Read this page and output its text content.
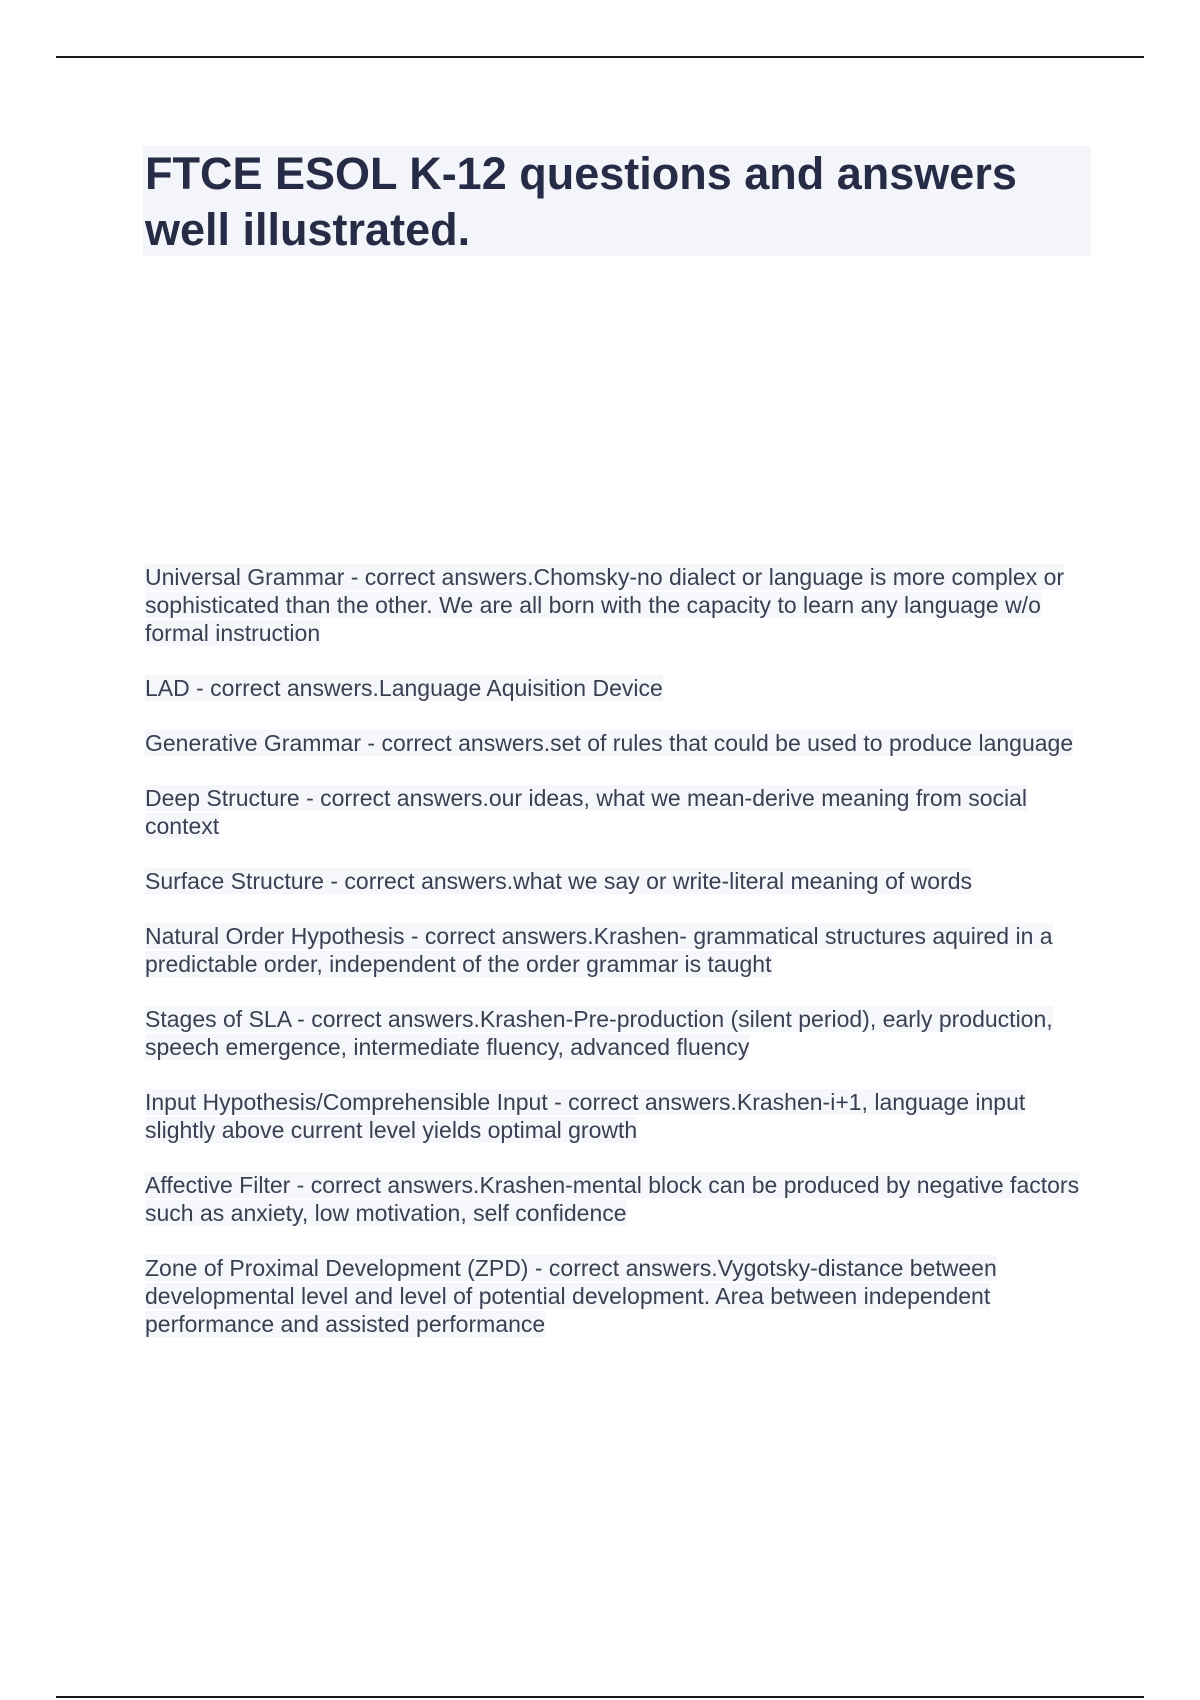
FTCE ESOL K-12 questions and answers well illustrated.
Universal Grammar - correct answers.Chomsky-no dialect or language is more complex or sophisticated than the other. We are all born with the capacity to learn any language w/o formal instruction
LAD - correct answers.Language Aquisition Device
Generative Grammar - correct answers.set of rules that could be used to produce language
Deep Structure - correct answers.our ideas, what we mean-derive meaning from social context
Surface Structure - correct answers.what we say or write-literal meaning of words
Natural Order Hypothesis - correct answers.Krashen- grammatical structures aquired in a predictable order, independent of the order grammar is taught
Stages of SLA - correct answers.Krashen-Pre-production (silent period), early production, speech emergence, intermediate fluency, advanced fluency
Input Hypothesis/Comprehensible Input - correct answers.Krashen-i+1, language input slightly above current level yields optimal growth
Affective Filter - correct answers.Krashen-mental block can be produced by negative factors such as anxiety, low motivation, self confidence
Zone of Proximal Development (ZPD) - correct answers.Vygotsky-distance between developmental level and level of potential development. Area between independent performance and assisted performance
